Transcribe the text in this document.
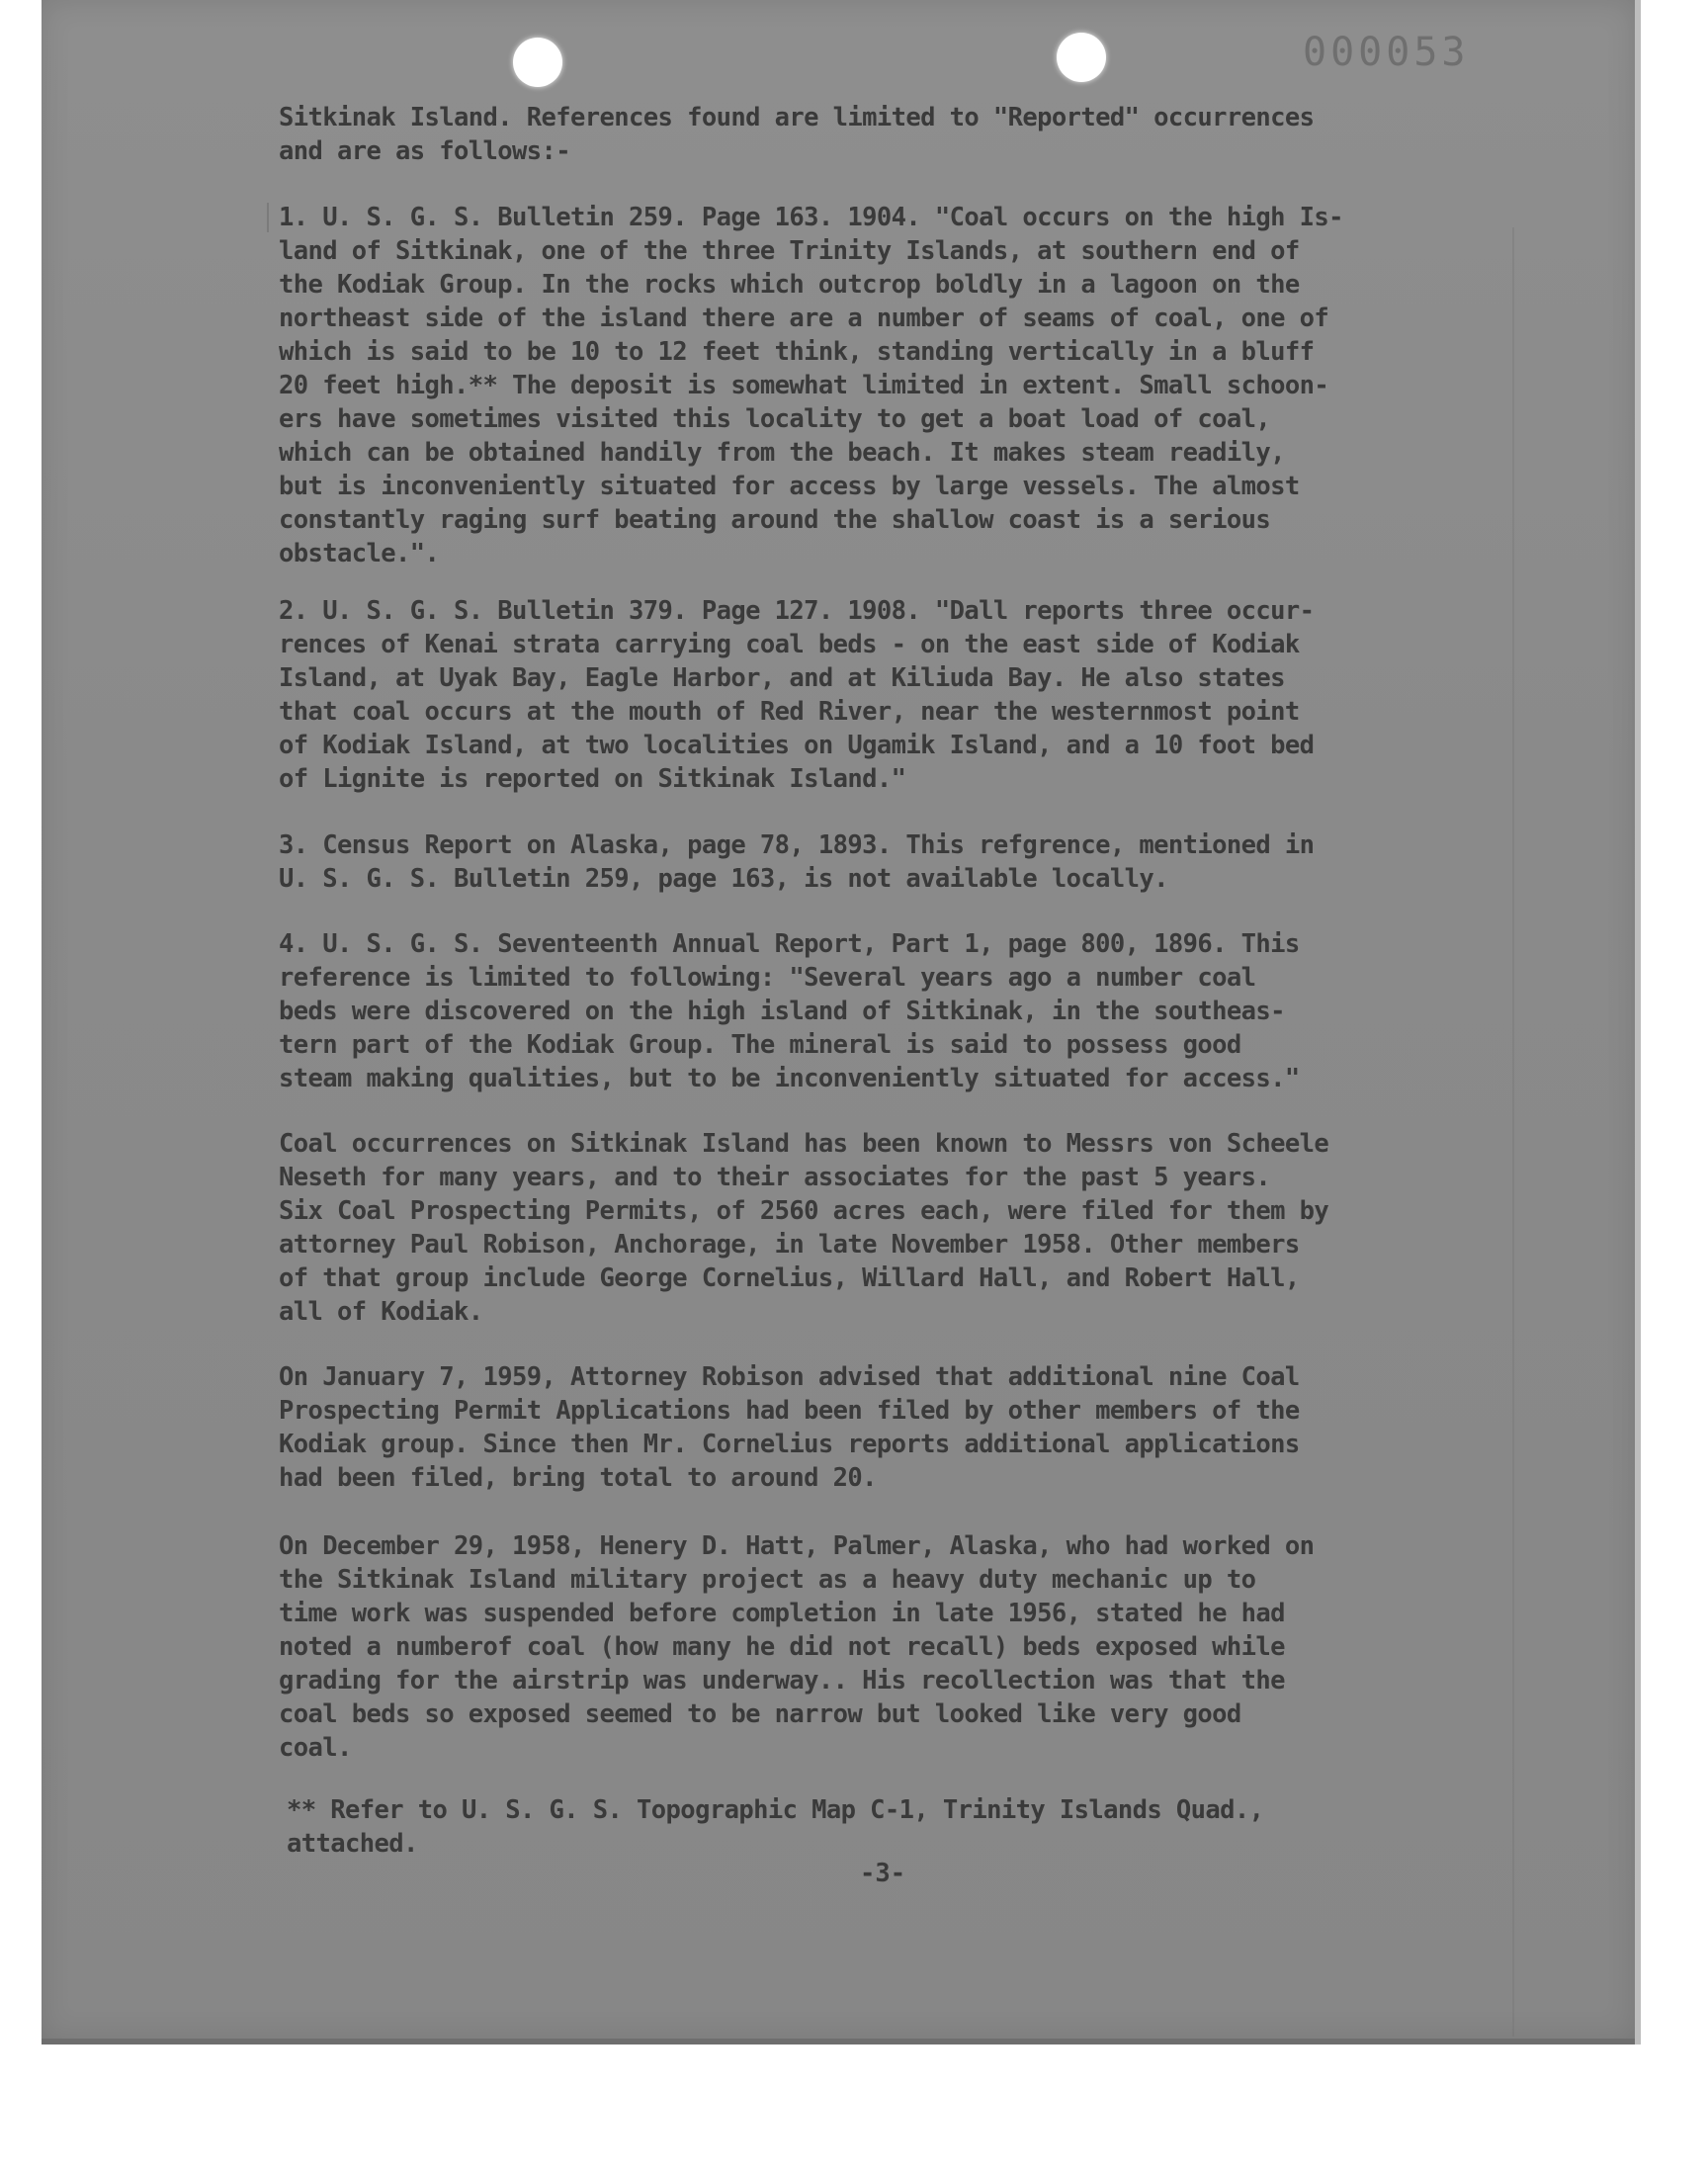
000053
Sitkinak Island. References found are limited to "Reported" occurrences
and are as follows:-
1. U. S. G. S. Bulletin 259. Page 163. 1904. "Coal occurs on the high Is-
land of Sitkinak, one of the three Trinity Islands, at southern end of
the Kodiak Group. In the rocks which outcrop boldly in a lagoon on the
northeast side of the island there are a number of seams of coal, one of
which is said to be 10 to 12 feet think, standing vertically in a bluff
20 feet high.** The deposit is somewhat limited in extent. Small schoon-
ers have sometimes visited this locality to get a boat load of coal,
which can be obtained handily from the beach. It makes steam readily,
but is inconveniently situated for access by large vessels. The almost
constantly raging surf beating around the shallow coast is a serious
obstacle.".
2. U. S. G. S. Bulletin 379. Page 127. 1908. "Dall reports three occur-
rences of Kenai strata carrying coal beds - on the east side of Kodiak
Island, at Uyak Bay, Eagle Harbor, and at Kiliuda Bay. He also states
that coal occurs at the mouth of Red River, near the westernmost point
of Kodiak Island, at two localities on Ugamik Island, and a 10 foot bed
of Lignite is reported on Sitkinak Island."
3. Census Report on Alaska, page 78, 1893. This refgrence, mentioned in
U. S. G. S. Bulletin 259, page 163, is not available locally.
4. U. S. G. S. Seventeenth Annual Report, Part 1, page 800, 1896. This
reference is limited to following: "Several years ago a number coal
beds were discovered on the high island of Sitkinak, in the southeas-
tern part of the Kodiak Group. The mineral is said to possess good
steam making qualities, but to be inconveniently situated for access."
Coal occurrences on Sitkinak Island has been known to Messrs von Scheele
Neseth for many years, and to their associates for the past 5 years.
Six Coal Prospecting Permits, of 2560 acres each, were filed for them by
attorney Paul Robison, Anchorage, in late November 1958. Other members
of that group include George Cornelius, Willard Hall, and Robert Hall,
all of Kodiak.
On January 7, 1959, Attorney Robison advised that additional nine Coal
Prospecting Permit Applications had been filed by other members of the
Kodiak group. Since then Mr. Cornelius reports additional applications
had been filed, bring total to around 20.
On December 29, 1958, Henery D. Hatt, Palmer, Alaska, who had worked on
the Sitkinak Island military project as a heavy duty mechanic up to
time work was suspended before completion in late 1956, stated he had
noted a numberof coal (how many he did not recall) beds exposed while
grading for the airstrip was underway.. His recollection was that the
coal beds so exposed seemed to be narrow but looked like very good
coal.
** Refer to U. S. G. S. Topographic Map C-1, Trinity Islands Quad.,
attached.
-3-
